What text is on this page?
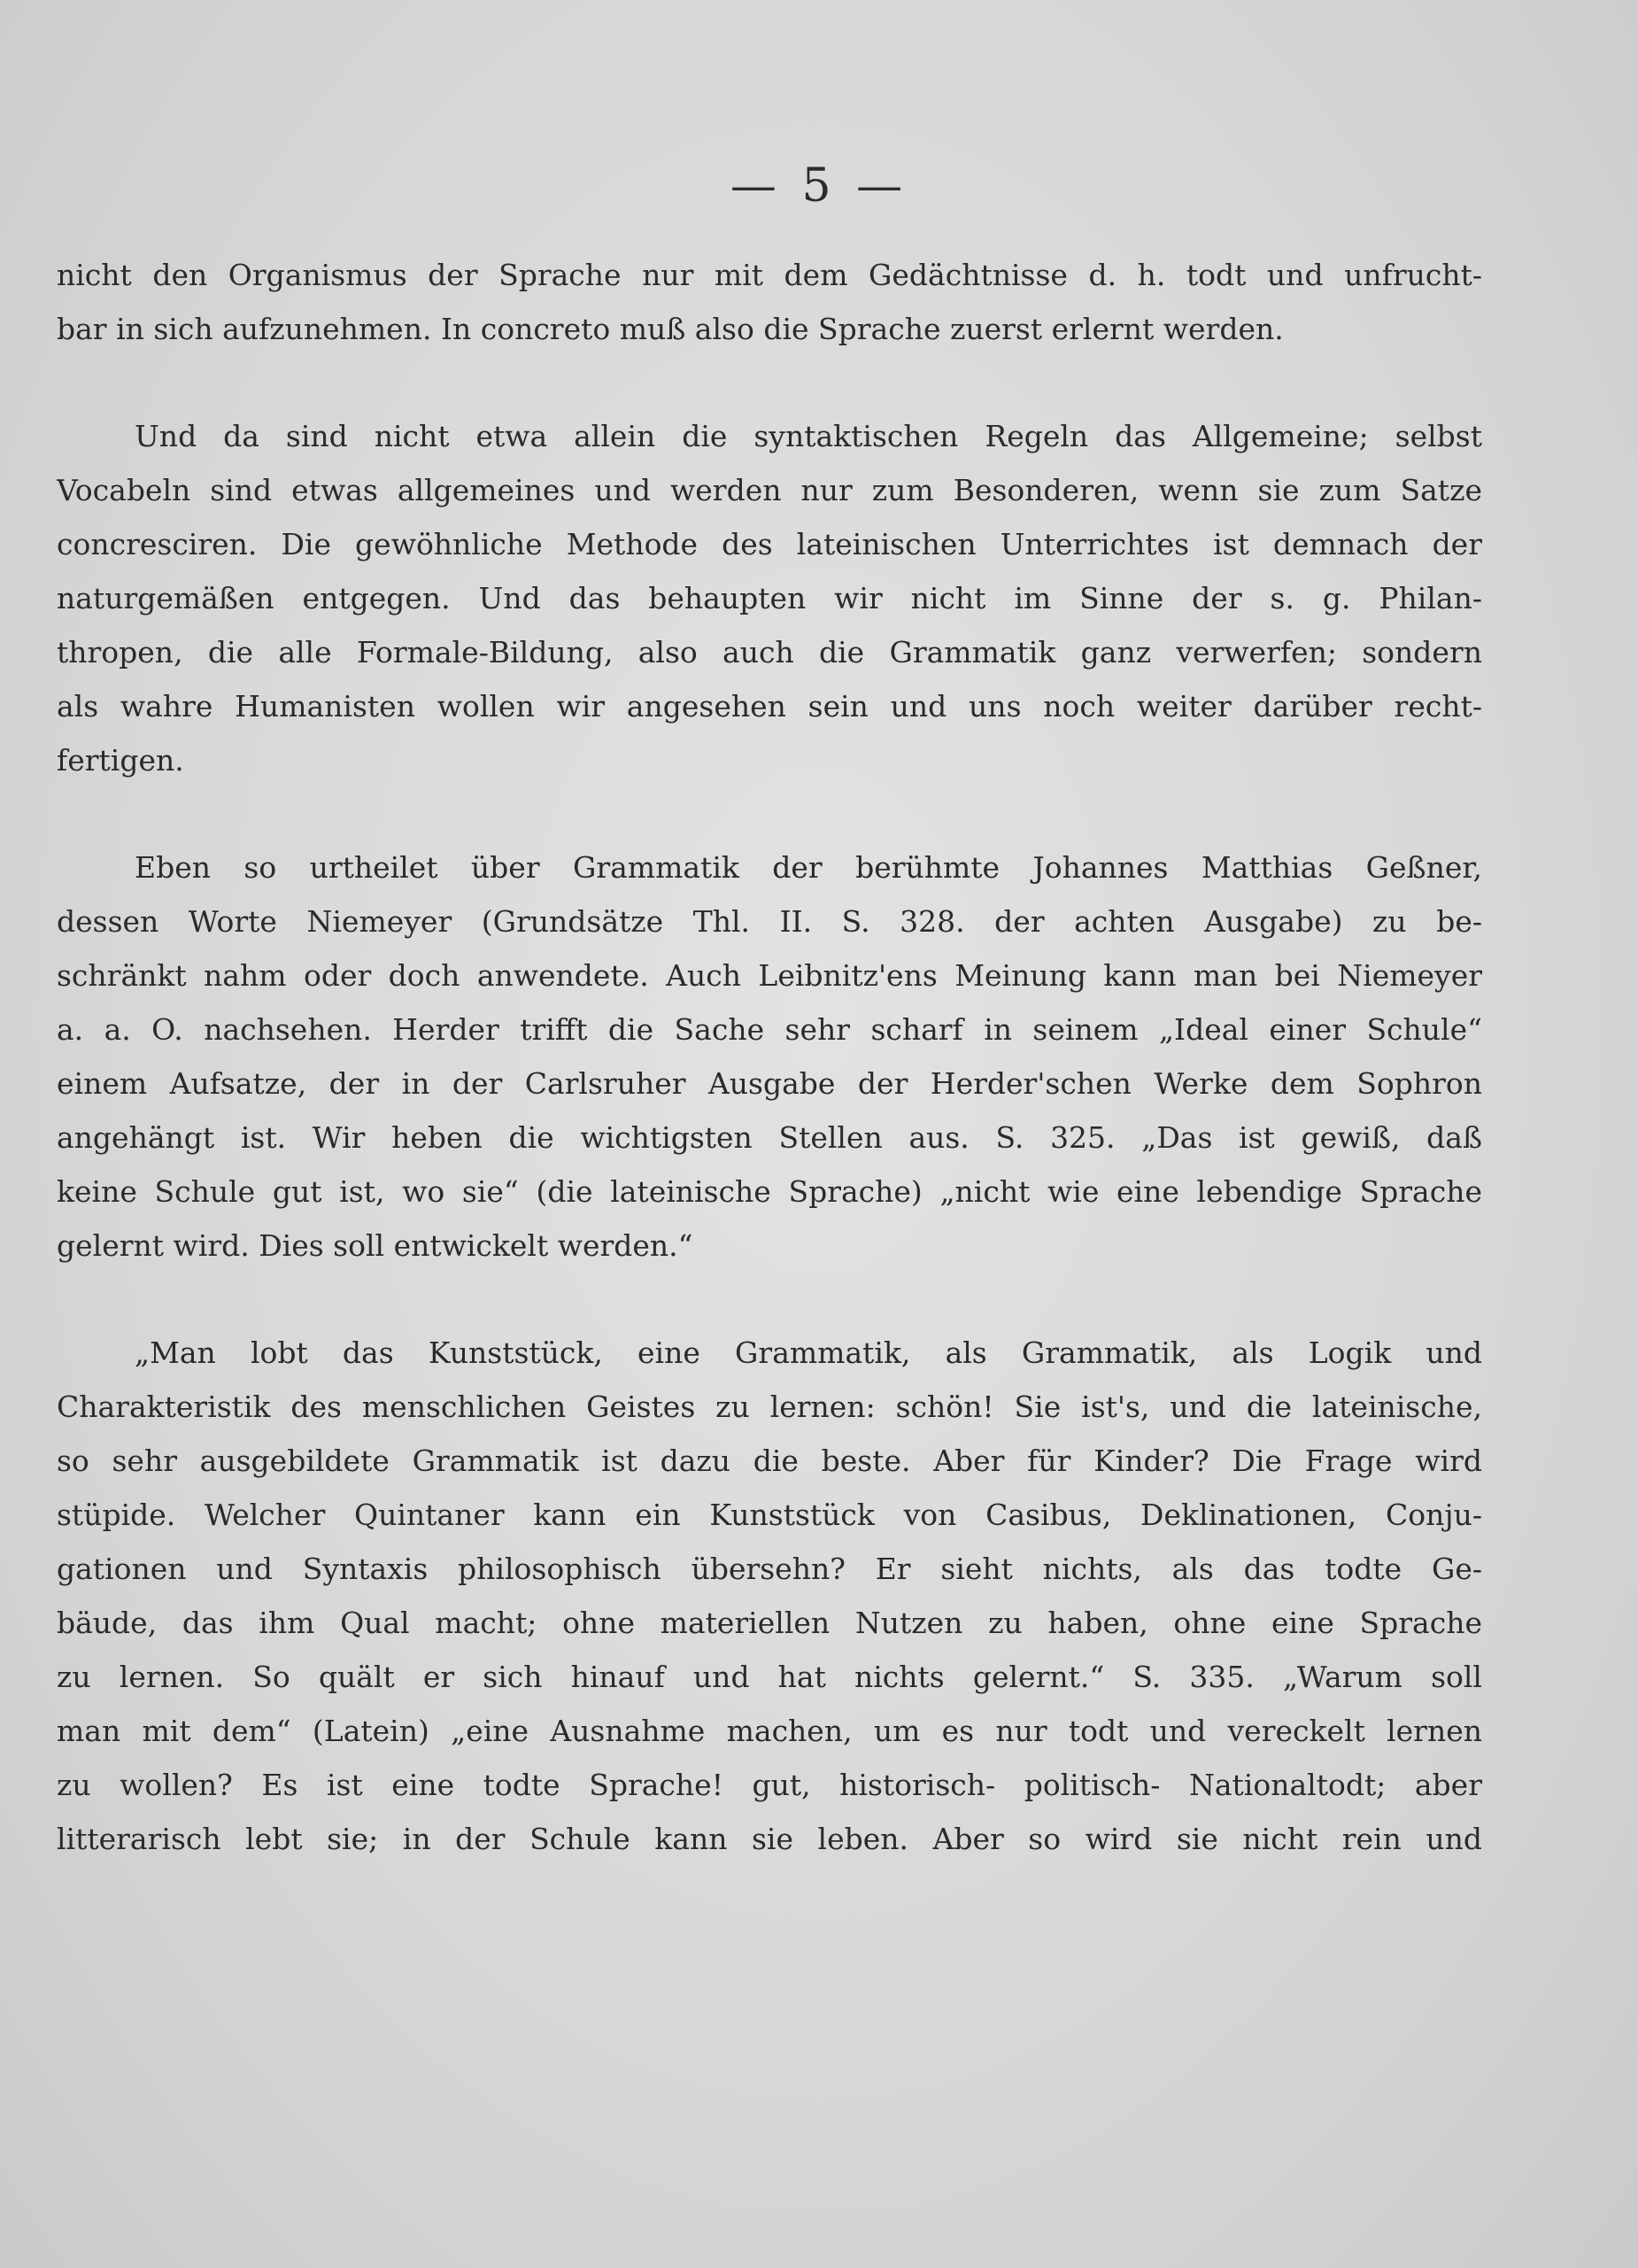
— 5 —
nicht den Organismus der Sprache nur mit dem Gedächtnisse d. h. todt und unfrucht-
bar in sich aufzunehmen. In concreto muß also die Sprache zuerst erlernt werden.
Und da sind nicht etwa allein die syntaktischen Regeln das Allgemeine; selbst
Vocabeln sind etwas allgemeines und werden nur zum Besonderen, wenn sie zum Satze
concresciren. Die gewöhnliche Methode des lateinischen Unterrichtes ist demnach der
naturgemäßen entgegen. Und das behaupten wir nicht im Sinne der s. g. Philan-
thropen, die alle Formale-Bildung, also auch die Grammatik ganz verwerfen; sondern
als wahre Humanisten wollen wir angesehen sein und uns noch weiter darüber recht-
fertigen.
Eben so urtheilet über Grammatik der berühmte Johannes Matthias Geßner,
dessen Worte Niemeyer (Grundsätze Thl. II. S. 328. der achten Ausgabe) zu be-
schränkt nahm oder doch anwendete. Auch Leibnitz'ens Meinung kann man bei Niemeyer
a. a. O. nachsehen. Herder trifft die Sache sehr scharf in seinem „Ideal einer Schule“
einem Aufsatze, der in der Carlsruher Ausgabe der Herder'schen Werke dem Sophron
angehängt ist. Wir heben die wichtigsten Stellen aus. S. 325. „Das ist gewiß, daß
keine Schule gut ist, wo sie“ (die lateinische Sprache) „nicht wie eine lebendige Sprache
gelernt wird. Dies soll entwickelt werden.“
„Man lobt das Kunststück, eine Grammatik, als Grammatik, als Logik und
Charakteristik des menschlichen Geistes zu lernen: schön! Sie ist's, und die lateinische,
so sehr ausgebildete Grammatik ist dazu die beste. Aber für Kinder? Die Frage wird
stüpide. Welcher Quintaner kann ein Kunststück von Casibus, Deklinationen, Conju-
gationen und Syntaxis philosophisch übersehn? Er sieht nichts, als das todte Ge-
bäude, das ihm Qual macht; ohne materiellen Nutzen zu haben, ohne eine Sprache
zu lernen. So quält er sich hinauf und hat nichts gelernt.“ S. 335. „Warum soll
man mit dem“ (Latein) „eine Ausnahme machen, um es nur todt und vereckelt lernen
zu wollen? Es ist eine todte Sprache! gut, historisch- politisch- Nationaltodt; aber
litterarisch lebt sie; in der Schule kann sie leben. Aber so wird sie nicht rein und
